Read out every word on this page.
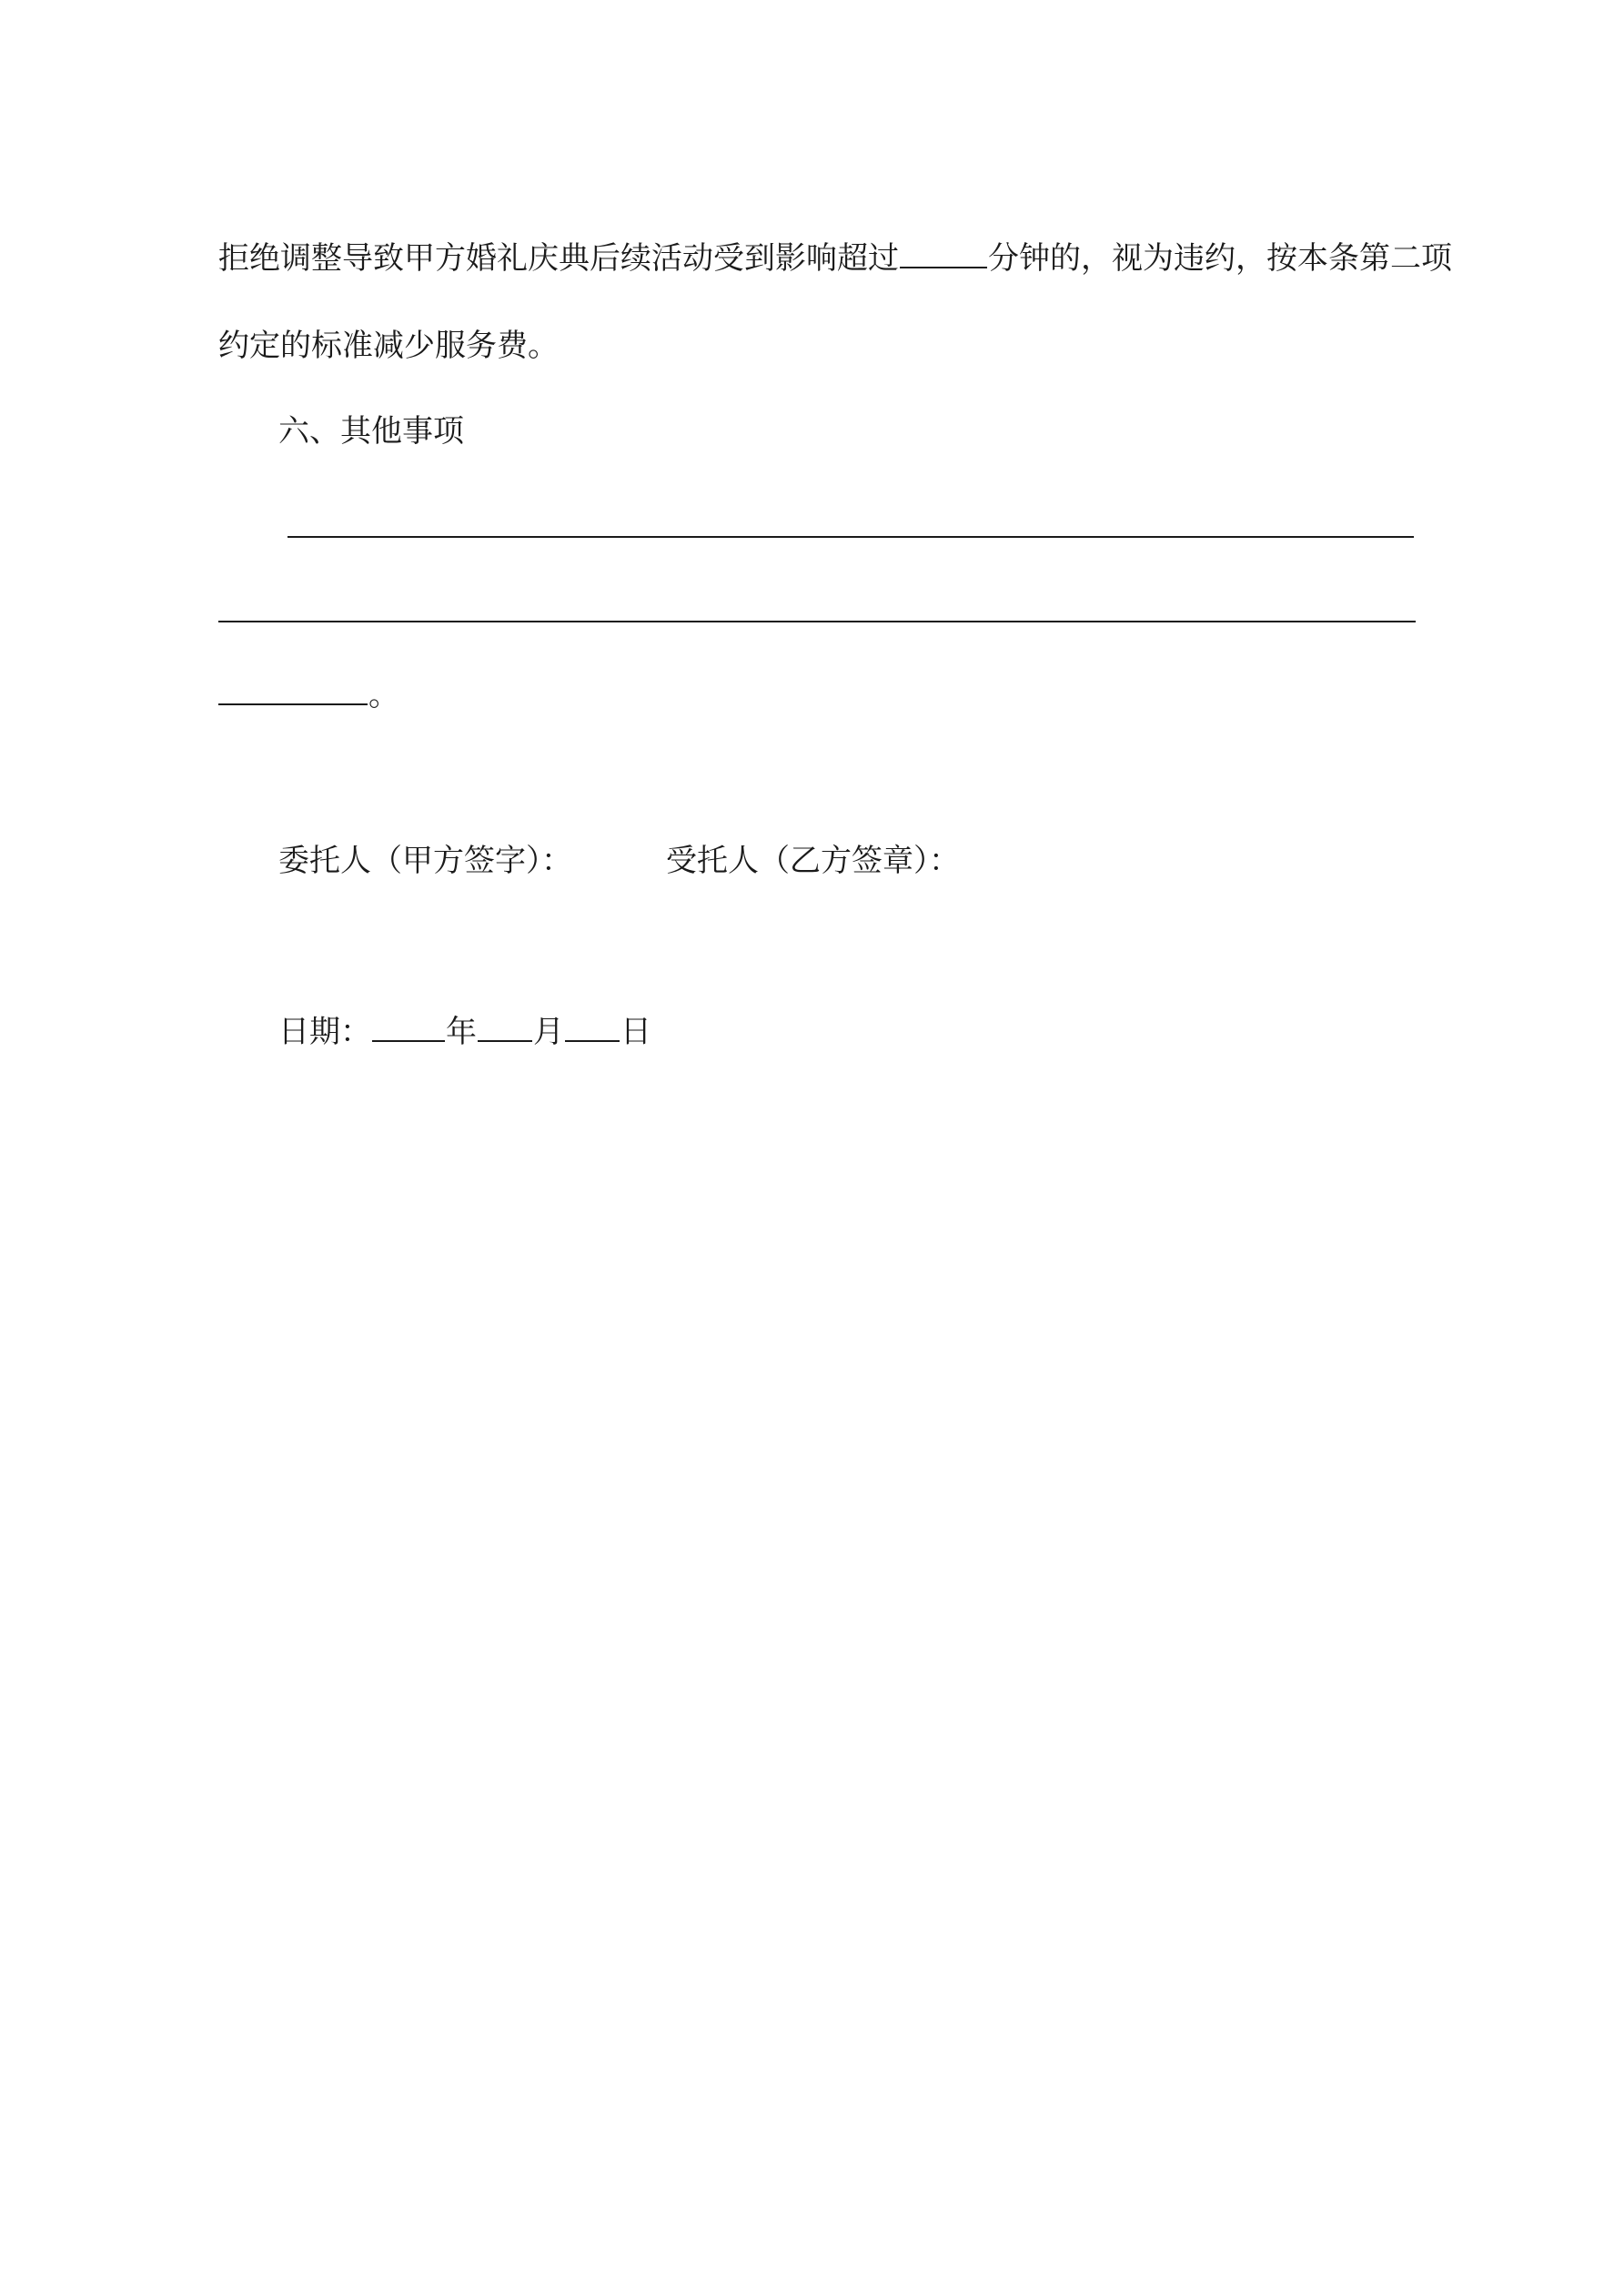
拒绝调整导致甲方婚礼庆典后续活动受到影响超过	分钟的，视为违约，按本条第二项
约定的标准减少服务费。
六、其他事项
。
委托人（甲方签字）：	受托人（乙方签章）：
日期： 年 月 日
